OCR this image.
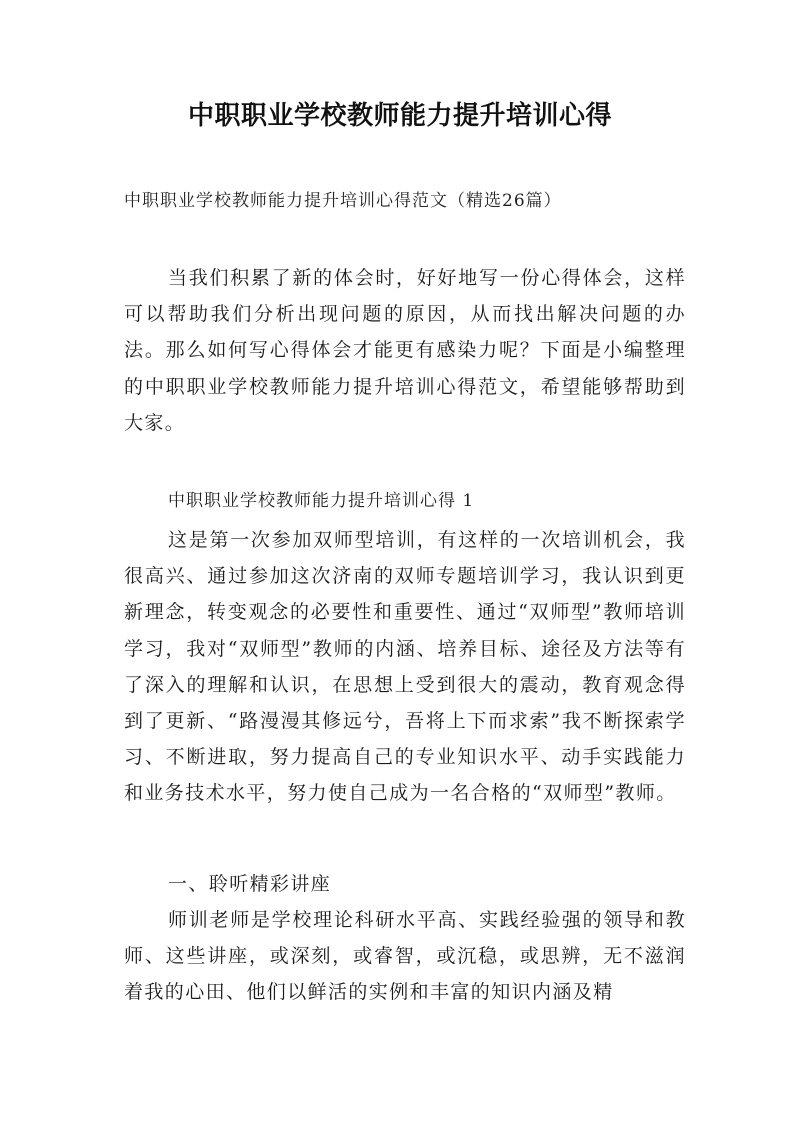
中职职业学校教师能力提升培训心得
中职职业学校教师能力提升培训心得范文（精选26篇）

当我们积累了新的体会时，好好地写一份心得体会，这样可以帮助我们分析出现问题的原因，从而找出解决问题的办法。那么如何写心得体会才能更有感染力呢？下面是小编整理的中职职业学校教师能力提升培训心得范文，希望能够帮助到大家。

中职职业学校教师能力提升培训心得 1

这是第一次参加双师型培训，有这样的一次培训机会，我很高兴、通过参加这次济南的双师专题培训学习，我认识到更新理念，转变观念的必要性和重要性、通过“双师型”教师培训学习，我对“双师型”教师的内涵、培养目标、途径及方法等有了深入的理解和认识，在思想上受到很大的震动，教育观念得到了更新、“路漫漫其修远兮，吾将上下而求索”我不断探索学习、不断进取，努力提高自己的专业知识水平、动手实践能力和业务技术水平，努力使自己成为一名合格的“双师型”教师。

一、聆听精彩讲座

师训老师是学校理论科研水平高、实践经验强的领导和教师、这些讲座，或深刻，或睿智，或沉稳，或思辨，无不滋润着我的心田、他们以鲜活的实例和丰富的知识内涵及精
